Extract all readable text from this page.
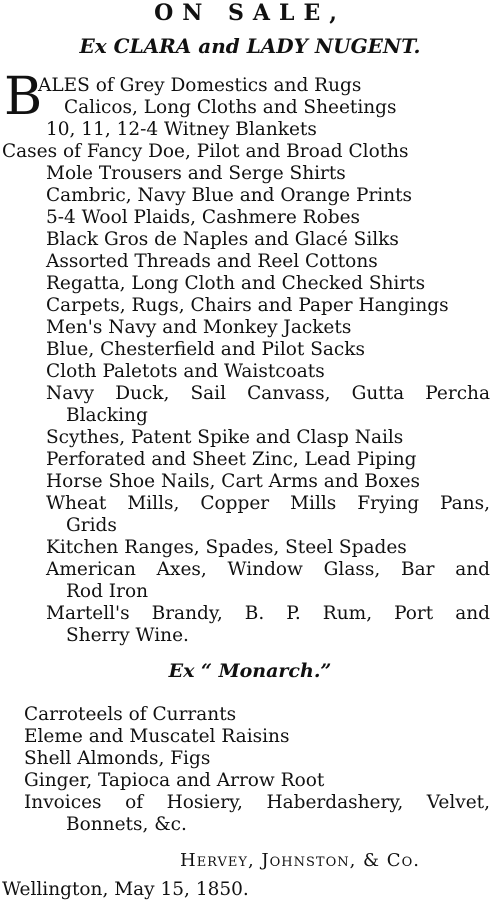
ON SALE,
Ex CLARA and LADY NUGENT.
B
ALES of Grey Domestics and Rugs
Calicos, Long Cloths and Sheetings
10, 11, 12-4 Witney Blankets
Cases of Fancy Doe, Pilot and Broad Cloths
Mole Trousers and Serge Shirts
Cambric, Navy Blue and Orange Prints
5-4 Wool Plaids, Cashmere Robes
Black Gros de Naples and Glacé Silks
Assorted Threads and Reel Cottons
Regatta, Long Cloth and Checked Shirts
Carpets, Rugs, Chairs and Paper Hangings
Men's Navy and Monkey Jackets
Blue, Chesterfield and Pilot Sacks
Cloth Paletots and Waistcoats
Navy Duck, Sail Canvass, Gutta Percha
Blacking
Scythes, Patent Spike and Clasp Nails
Perforated and Sheet Zinc, Lead Piping
Horse Shoe Nails, Cart Arms and Boxes
Wheat Mills, Copper Mills Frying Pans,
Grids
Kitchen Ranges, Spades, Steel Spades
American Axes, Window Glass, Bar and
Rod Iron
Martell's Brandy, B. P. Rum, Port and
Sherry Wine.
Ex “ Monarch.”
Carroteels of Currants
Eleme and Muscatel Raisins
Shell Almonds, Figs
Ginger, Tapioca and Arrow Root
Invoices of Hosiery, Haberdashery, Velvet,
Bonnets, &c.
Hervey, Johnston, & Co.
Wellington, May 15, 1850.
